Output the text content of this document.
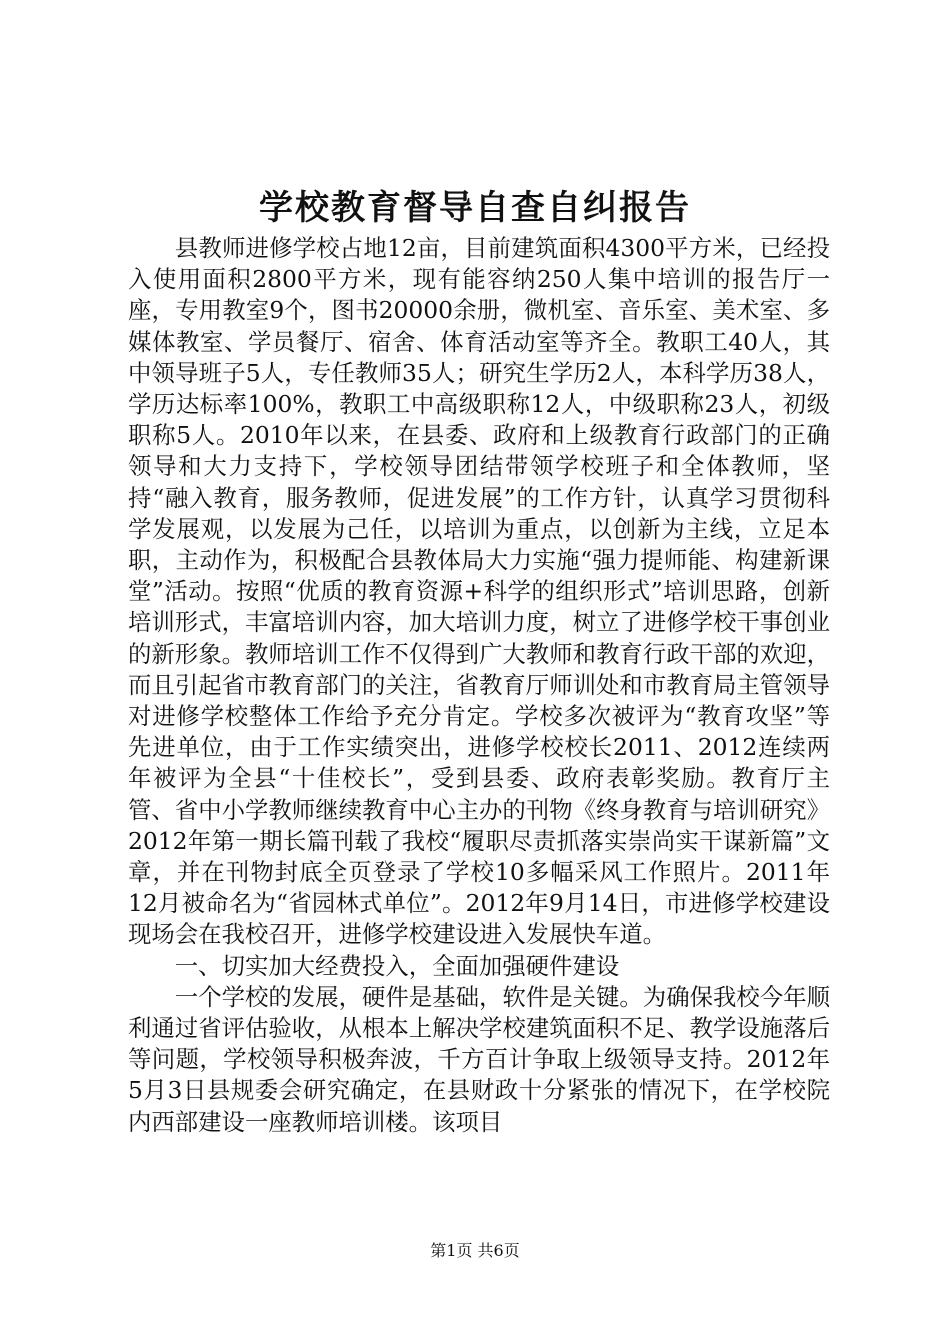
学校教育督导自查自纠报告

县教师进修学校占地12亩，目前建筑面积4300平方米，已经投入使用面积2800平方米，现有能容纳250人集中培训的报告厅一座，专用教室9个，图书20000余册，微机室、音乐室、美术室、多媒体教室、学员餐厅、宿舍、体育活动室等齐全。教职工40人，其中领导班子5人，专任教师35人；研究生学历2人，本科学历38人，学历达标率100%，教职工中高级职称12人，中级职称23人，初级职称5人。2010年以来，在县委、政府和上级教育行政部门的正确领导和大力支持下，学校领导团结带领学校班子和全体教师，坚持“融入教育，服务教师，促进发展”的工作方针，认真学习贯彻科学发展观，以发展为己任，以培训为重点，以创新为主线，立足本职，主动作为，积极配合县教体局大力实施“强力提师能、构建新课堂”活动。按照“优质的教育资源+科学的组织形式”培训思路，创新培训形式，丰富培训内容，加大培训力度，树立了进修学校干事创业的新形象。教师培训工作不仅得到广大教师和教育行政干部的欢迎，而且引起省市教育部门的关注，省教育厅师训处和市教育局主管领导对进修学校整体工作给予充分肯定。学校多次被评为“教育攻坚”等先进单位，由于工作实绩突出，进修学校校长2011、2012连续两年被评为全县“十佳校长”，受到县委、政府表彰奖励。教育厅主管、省中小学教师继续教育中心主办的刊物《终身教育与培训研究》2012年第一期长篇刊载了我校“履职尽责抓落实崇尚实干谋新篇”文章，并在刊物封底全页登录了学校10多幅采风工作照片。2011年12月被命名为“省园林式单位”。2012年9月14日，市进修学校建设现场会在我校召开，进修学校建设进入发展快车道。

一、切实加大经费投入，全面加强硬件建设

一个学校的发展，硬件是基础，软件是关键。为确保我校今年顺利通过省评估验收，从根本上解决学校建筑面积不足、教学设施落后等问题，学校领导积极奔波，千方百计争取上级领导支持。2012年5月3日县规委会研究确定，在县财政十分紧张的情况下，在学校院内西部建设一座教师培训楼。该项目

第1页 共6页
